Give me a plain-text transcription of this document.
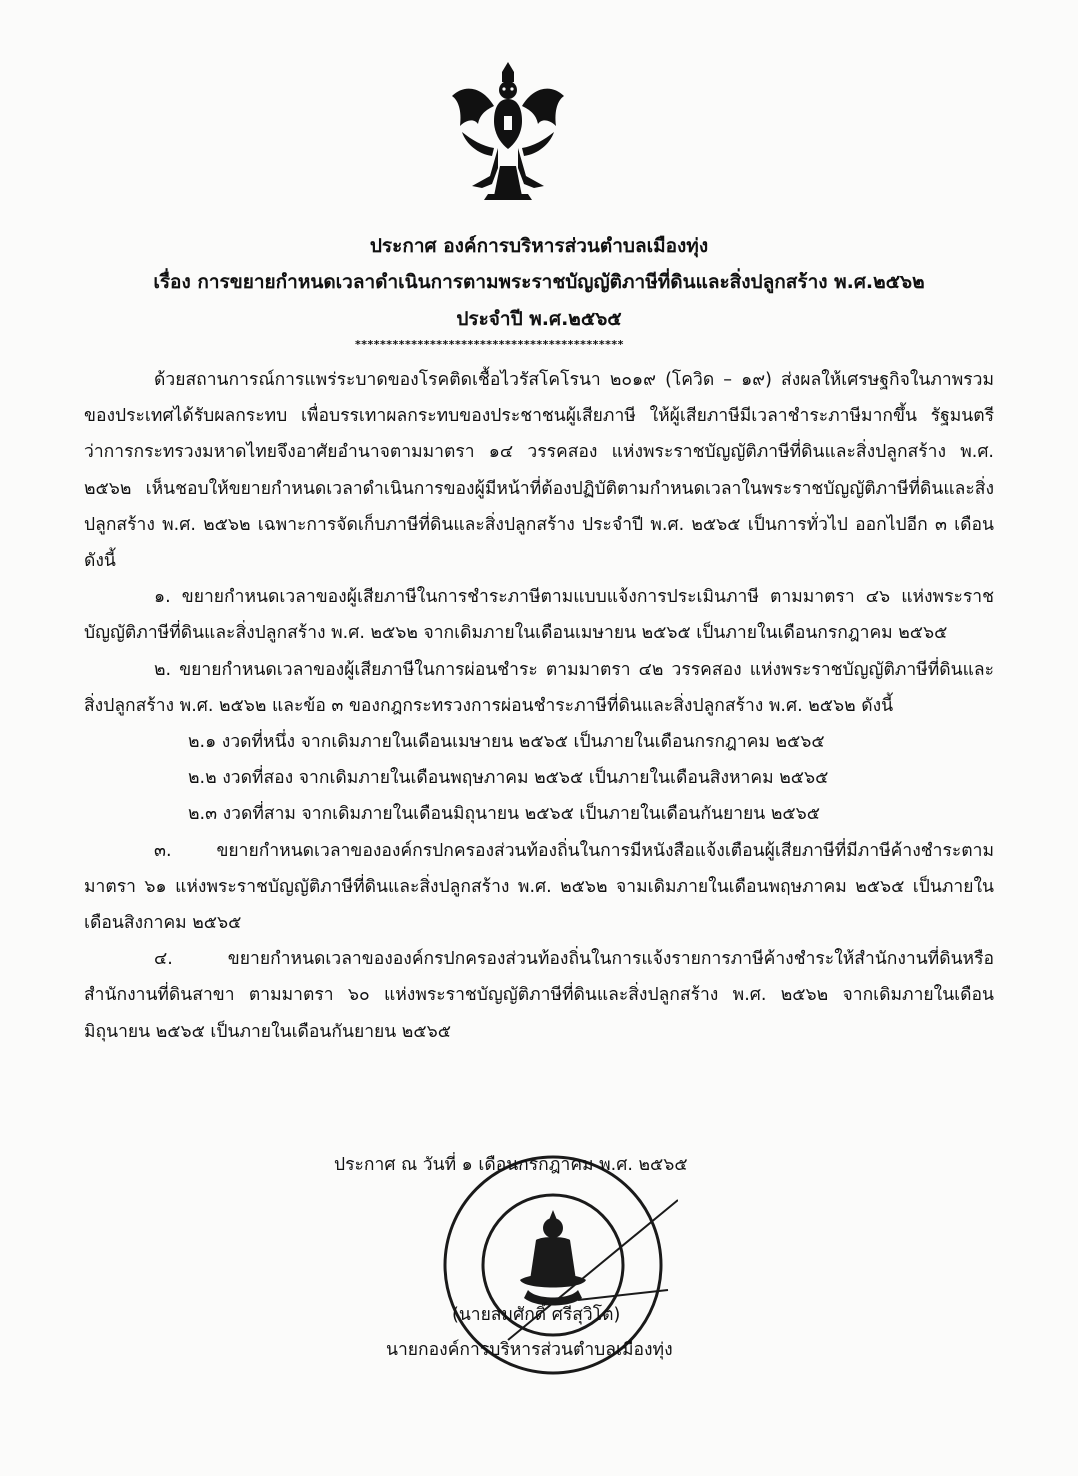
ประกาศ องค์การบริหารส่วนตำบลเมืองทุ่ง
เรื่อง การขยายกำหนดเวลาดำเนินการตามพระราชบัญญัติภาษีที่ดินและสิ่งปลูกสร้าง พ.ศ.๒๕๖๒
ประจำปี พ.ศ.๒๕๖๕
*******************************************

ด้วยสถานการณ์การแพร่ระบาดของโรคติดเชื้อไวรัสโคโรนา ๒๐๑๙ (โควิด – ๑๙) ส่งผลให้เศรษฐกิจในภาพรวมของประเทศได้รับผลกระทบ เพื่อบรรเทาผลกระทบของประชาชนผู้เสียภาษี ให้ผู้เสียภาษีมีเวลาชำระภาษีมากขึ้น รัฐมนตรีว่าการกระทรวงมหาดไทยจึงอาศัยอำนาจตามมาตรา ๑๔ วรรคสอง แห่งพระราชบัญญัติภาษีที่ดินและสิ่งปลูกสร้าง พ.ศ. ๒๕๖๒ เห็นชอบให้ขยายกำหนดเวลาดำเนินการของผู้มีหน้าที่ต้องปฏิบัติตามกำหนดเวลาในพระราชบัญญัติภาษีที่ดินและสิ่งปลูกสร้าง พ.ศ. ๒๕๖๒ เฉพาะการจัดเก็บภาษีที่ดินและสิ่งปลูกสร้าง ประจำปี พ.ศ. ๒๕๖๕ เป็นการทั่วไป ออกไปอีก ๓ เดือน ดังนี้

๑. ขยายกำหนดเวลาของผู้เสียภาษีในการชำระภาษีตามแบบแจ้งการประเมินภาษี ตามมาตรา ๔๖ แห่งพระราชบัญญัติภาษีที่ดินและสิ่งปลูกสร้าง พ.ศ. ๒๕๖๒ จากเดิมภายในเดือนเมษายน ๒๕๖๕ เป็นภายในเดือนกรกฎาคม ๒๕๖๕

๒. ขยายกำหนดเวลาของผู้เสียภาษีในการผ่อนชำระ ตามมาตรา ๔๒ วรรคสอง แห่งพระราชบัญญัติภาษีที่ดินและสิ่งปลูกสร้าง พ.ศ. ๒๕๖๒ และข้อ ๓ ของกฎกระทรวงการผ่อนชำระภาษีที่ดินและสิ่งปลูกสร้าง พ.ศ. ๒๕๖๒ ดังนี้

๒.๑ งวดที่หนึ่ง จากเดิมภายในเดือนเมษายน ๒๕๖๕ เป็นภายในเดือนกรกฎาคม ๒๕๖๕

๒.๒ งวดที่สอง จากเดิมภายในเดือนพฤษภาคม ๒๕๖๕ เป็นภายในเดือนสิงหาคม ๒๕๖๕

๒.๓ งวดที่สาม จากเดิมภายในเดือนมิถุนายน ๒๕๖๕ เป็นภายในเดือนกันยายน ๒๕๖๕

๓. ขยายกำหนดเวลาขององค์กรปกครองส่วนท้องถิ่นในการมีหนังสือแจ้งเตือนผู้เสียภาษีที่มีภาษีค้างชำระตามมาตรา ๖๑ แห่งพระราชบัญญัติภาษีที่ดินและสิ่งปลูกสร้าง พ.ศ. ๒๕๖๒ จามเดิมภายในเดือนพฤษภาคม ๒๕๖๕ เป็นภายในเดือนสิงกาคม ๒๕๖๕

๔. ขยายกำหนดเวลาขององค์กรปกครองส่วนท้องถิ่นในการแจ้งรายการภาษีค้างชำระให้สำนักงานที่ดินหรือสำนักงานที่ดินสาขา ตามมาตรา ๖๐ แห่งพระราชบัญญัติภาษีที่ดินและสิ่งปลูกสร้าง พ.ศ. ๒๕๖๒ จากเดิมภายในเดือนมิถุนายน ๒๕๖๕ เป็นภายในเดือนกันยายน ๒๕๖๕

ประกาศ ณ วันที่ ๑ เดือนกรกฎาคม พ.ศ. ๒๕๖๕
(นายสมศักดิ์ ศรีสุวิโต)
นายกองค์การบริหารส่วนตำบลเมืองทุ่ง
